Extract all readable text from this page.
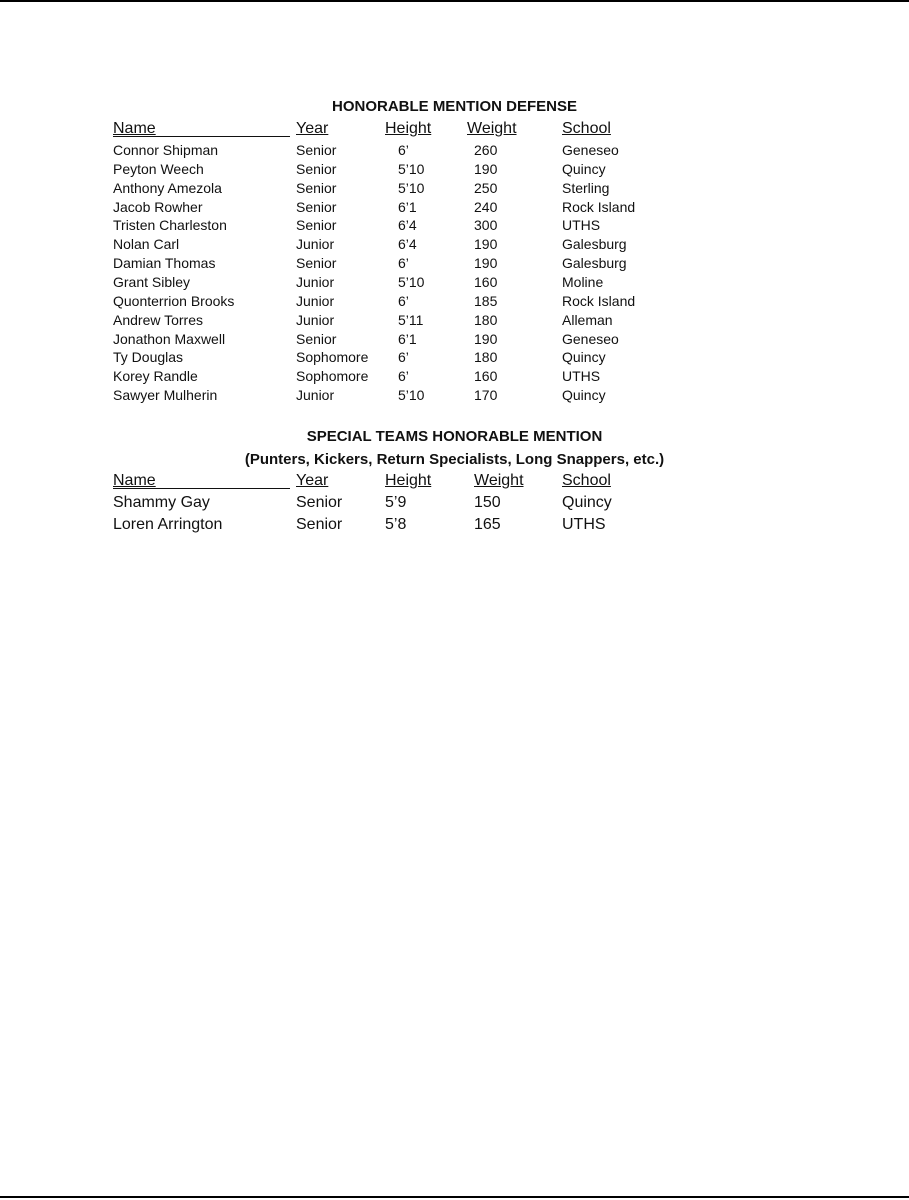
HONORABLE MENTION DEFENSE
Name	Year	Height Weight	School
Connor Shipman	Senior	6’	260	Geneseo
Peyton Weech	Senior	5’10	190	Quincy
Anthony Amezola	Senior	5’10	250	Sterling
Jacob Rowher	Senior	6’1	240	Rock Island
Tristen Charleston	Senior	6’4	300	UTHS
Nolan Carl	Junior	6’4	190	Galesburg
Damian Thomas	Senior	6’	190	Galesburg
Grant Sibley	Junior	5’10	160	Moline
Quonterrion Brooks	Junior	6’	185	Rock Island
Andrew Torres	Junior	5’11	180	Alleman
Jonathon Maxwell	Senior	6’1	190	Geneseo
Ty Douglas	Sophomore 6’	180	Quincy
Korey Randle	Sophomore 6’	160	UTHS
Sawyer Mulherin	Junior	5’10	170	Quincy
SPECIAL TEAMS HONORABLE MENTION
(Punters, Kickers, Return Specialists, Long Snappers, etc.)
Name	Year	Height	Weight School
Shammy Gay	Senior	5’9	150	Quincy
Loren Arrington	Senior	5’8	165	UTHS
